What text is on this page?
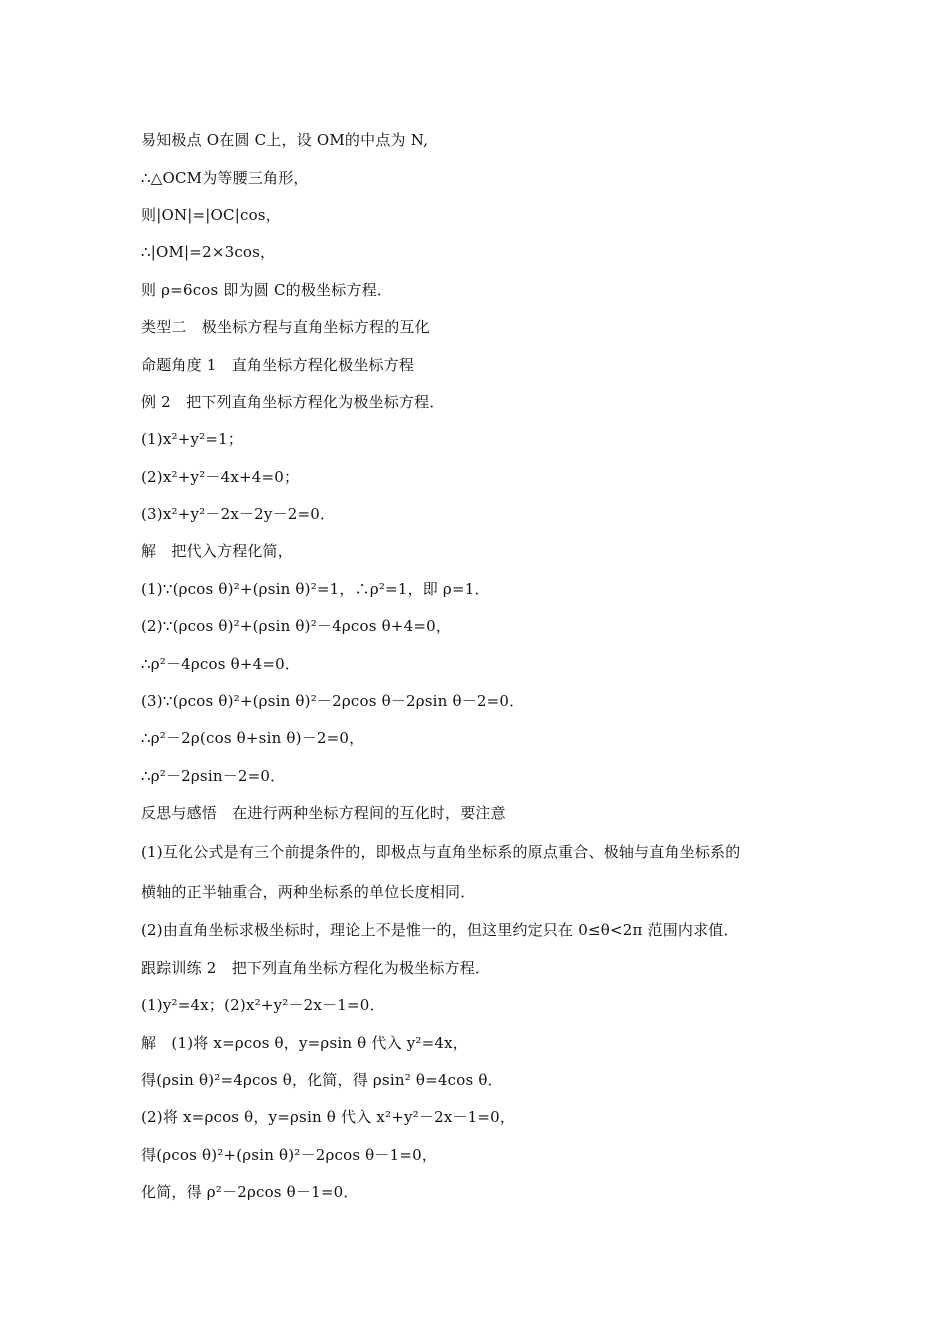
易知极点 O在圆 C上，设 OM的中点为 N,
∴△OCM为等腰三角形，
则|ON|=|OC|cos，
∴|OM|=2×3cos，
则 ρ=6cos 即为圆 C的极坐标方程．
类型二　极坐标方程与直角坐标方程的互化
命题角度 1　直角坐标方程化极坐标方程
例 2　把下列直角坐标方程化为极坐标方程．
(1)x²+y²=1；
(2)x²+y²－4x+4=0；
(3)x²+y²－2x－2y－2=0．
解　把代入方程化简，
(1)∵(ρcos θ)²+(ρsin θ)²=1，∴ρ²=1，即 ρ=1．
(2)∵(ρcos θ)²+(ρsin θ)²－4ρcos θ+4=0，
∴ρ²－4ρcos θ+4=0．
(3)∵(ρcos θ)²+(ρsin θ)²－2ρcos θ－2ρsin θ－2=0．
∴ρ²－2ρ(cos θ+sin θ)－2=0，
∴ρ²－2ρsin－2=0．
反思与感悟　在进行两种坐标方程间的互化时，要注意
(1)互化公式是有三个前提条件的，即极点与直角坐标系的原点重合、极轴与直角坐标系的
横轴的正半轴重合，两种坐标系的单位长度相同．
(2)由直角坐标求极坐标时，理论上不是惟一的，但这里约定只在 0≤θ<2π 范围内求值．
跟踪训练 2　把下列直角坐标方程化为极坐标方程．
(1)y²=4x；(2)x²+y²－2x－1=0．
解　(1)将 x=ρcos θ，y=ρsin θ 代入 y²=4x，
得(ρsin θ)²=4ρcos θ，化简，得 ρsin² θ=4cos θ．
(2)将 x=ρcos θ，y=ρsin θ 代入 x²+y²－2x－1=0，
得(ρcos θ)²+(ρsin θ)²－2ρcos θ－1=0，
化简，得 ρ²－2ρcos θ－1=0．
